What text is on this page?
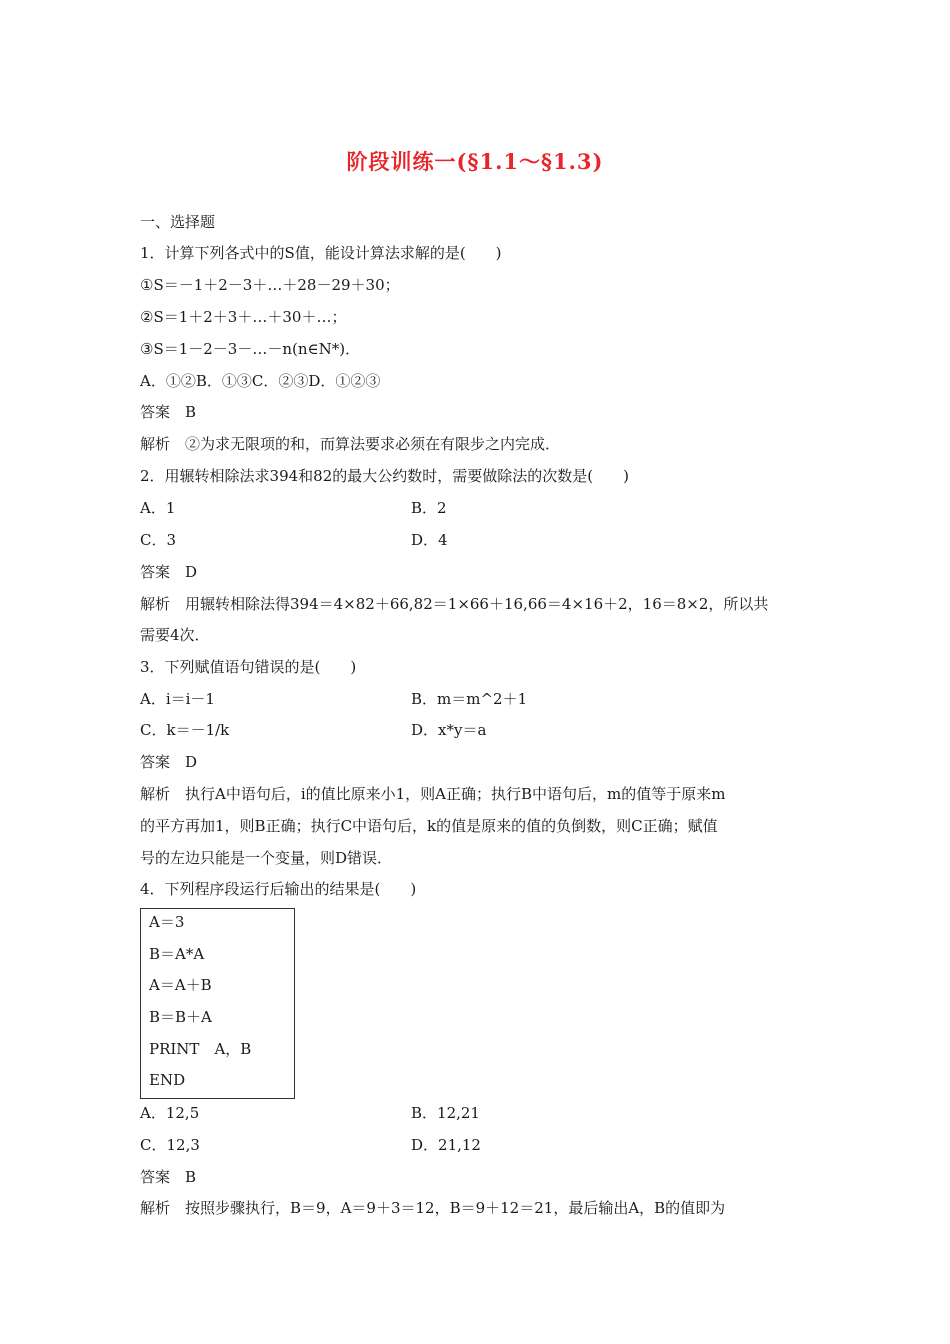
阶段训练一(§1.1～§1.3)
一、选择题
1．计算下列各式中的S值，能设计算法求解的是(　　)
①S＝－1＋2－3＋…＋28－29＋30；
②S＝1＋2＋3＋…＋30＋…；
③S＝1－2－3－…－n(n∈N*)．
A．①②B．①③C．②③D．①②③
答案　B
解析　②为求无限项的和，而算法要求必须在有限步之内完成．
2．用辗转相除法求394和82的最大公约数时，需要做除法的次数是(　　)
A．1	B．2
C．3	D．4
答案　D
解析　用辗转相除法得394＝4×82＋66,82＝1×66＋16,66＝4×16＋2，16＝8×2，所以共
需要4次．
3．下列赋值语句错误的是(　　)
A．i＝i－1	B．m＝m^2＋1
C．k＝－1/k	D．x*y＝a
答案　D
解析　执行A中语句后，i的值比原来小1，则A正确；执行B中语句后，m的值等于原来m
的平方再加1，则B正确；执行C中语句后，k的值是原来的值的负倒数，则C正确；赋值
号的左边只能是一个变量，则D错误．
4．下列程序段运行后输出的结果是(　　)
A＝3
B＝A*A
A＝A＋B
B＝B＋A
PRINT　A，B
END
A．12,5	B．12,21
C．12,3	D．21,12
答案　B
解析　按照步骤执行，B＝9，A＝9＋3＝12，B＝9＋12＝21，最后输出A，B的值即为
